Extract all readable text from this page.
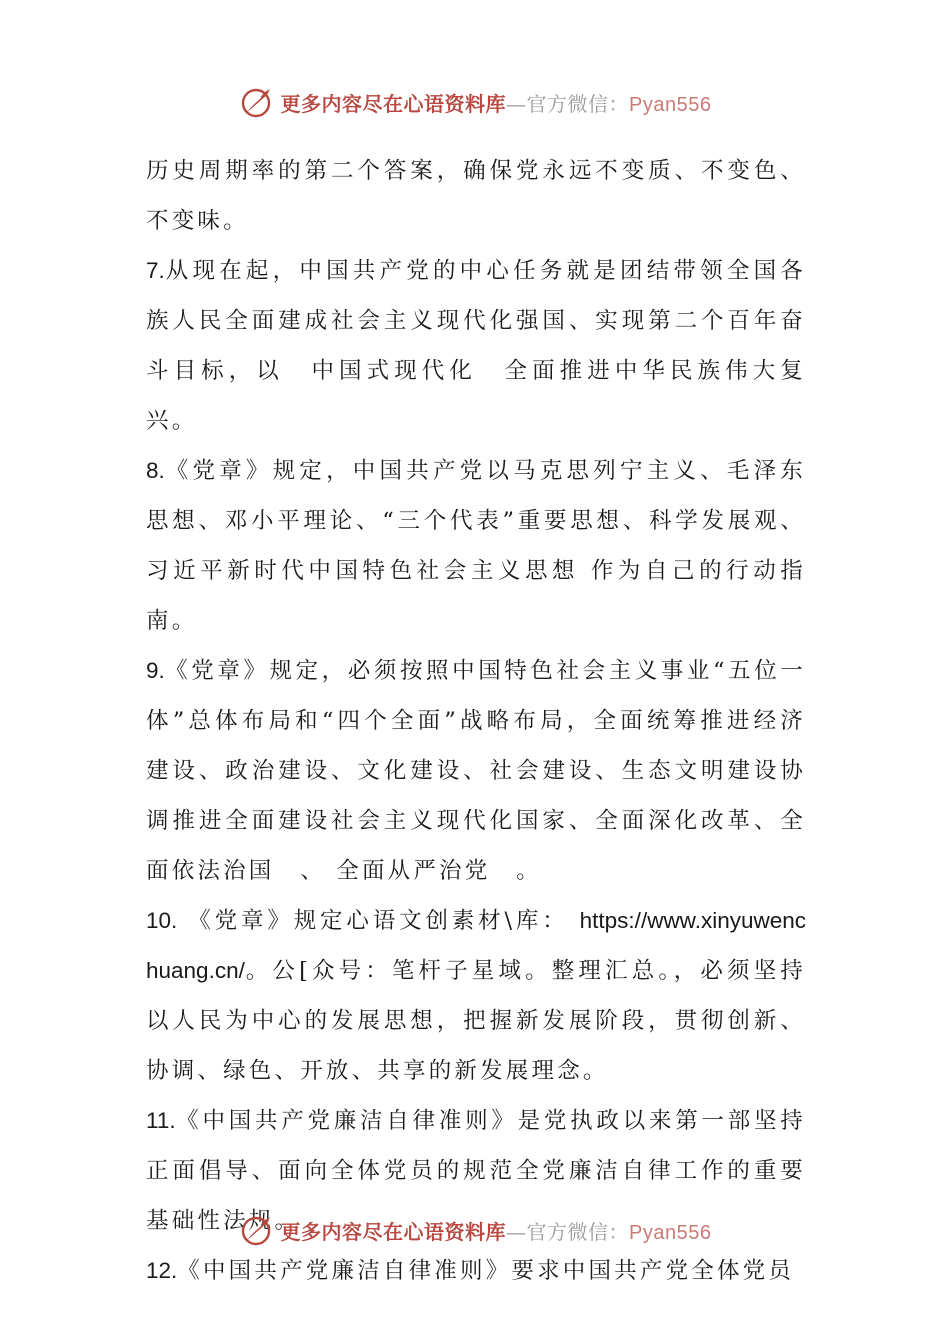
更多内容尽在心语资料库—官方微信：Pyan556

历史周期率的第二个答案，确保党永远不变质、不变色、不变味。

7.从现在起，中国共产党的中心任务就是团结带领全国各族人民全面建成社会主义现代化强国、实现第二个百年奋斗目标，以　中国式现代化　全面推进中华民族伟大复兴。

8.《党章》规定，中国共产党以马克思列宁主义、毛泽东思想、邓小平理论、“三个代表”重要思想、科学发展观、习近平新时代中国特色社会主义思想 作为自己的行动指南。

9.《党章》规定，必须按照中国特色社会主义事业“五位一体”总体布局和“四个全面”战略布局，全面统筹推进经济建设、政治建设、文化建设、社会建设、生态文明建设协调推进全面建设社会主义现代化国家、全面深化改革、全面依法治国　、 全面从严治党　。

10. 《党章》规定心语文创素材\库： https://www.xinyuwenchuang.cn/。公[众号：笔杆子星域。整理汇总。，必须坚持以人民为中心的发展思想，把握新发展阶段，贯彻创新、协调、绿色、开放、共享的新发展理念。

11.《中国共产党廉洁自律准则》是党执政以来第一部坚持正面倡导、面向全体党员的规范全党廉洁自律工作的重要基础性法规。

12.《中国共产党廉洁自律准则》要求中国共产党全体党员

更多内容尽在心语资料库—官方微信：Pyan556
